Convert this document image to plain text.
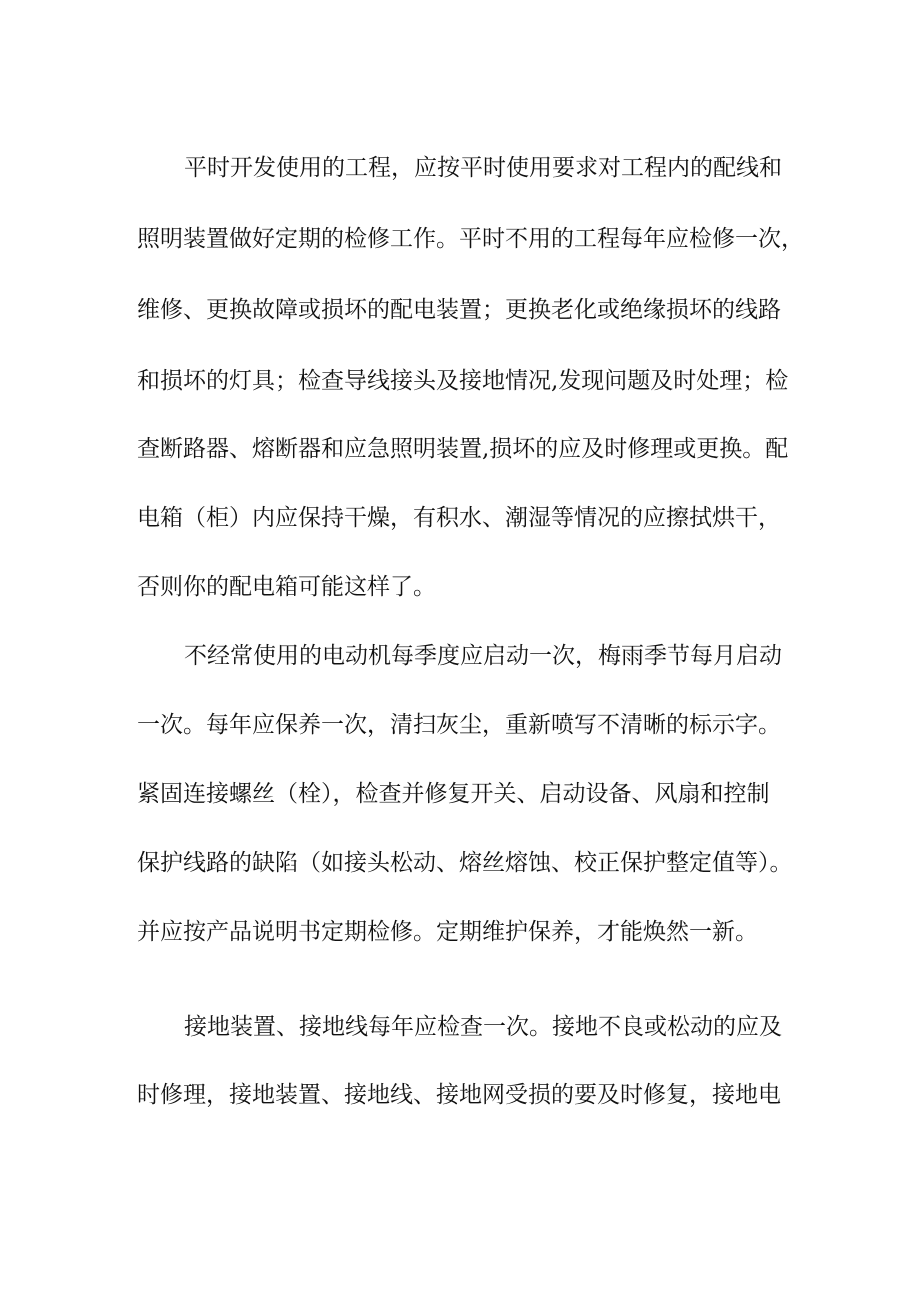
平时开发使用的工程，应按平时使用要求对工程内的配线和

照明装置做好定期的检修工作。平时不用的工程每年应检修一次，

维修、更换故障或损坏的配电装置；更换老化或绝缘损坏的线路

和损坏的灯具；检查导线接头及接地情况,发现问题及时处理；检

查断路器、熔断器和应急照明装置,损坏的应及时修理或更换。配

电箱（柜）内应保持干燥，有积水、潮湿等情况的应擦拭烘干，

否则你的配电箱可能这样了。

不经常使用的电动机每季度应启动一次，梅雨季节每月启动

一次。每年应保养一次，清扫灰尘，重新喷写不清晰的标示字。

紧固连接螺丝（栓），检查并修复开关、启动设备、风扇和控制

保护线路的缺陷（如接头松动、熔丝熔蚀、校正保护整定值等）。

并应按产品说明书定期检修。定期维护保养，才能焕然一新。

接地装置、接地线每年应检查一次。接地不良或松动的应及

时修理，接地装置、接地线、接地网受损的要及时修复，接地电
